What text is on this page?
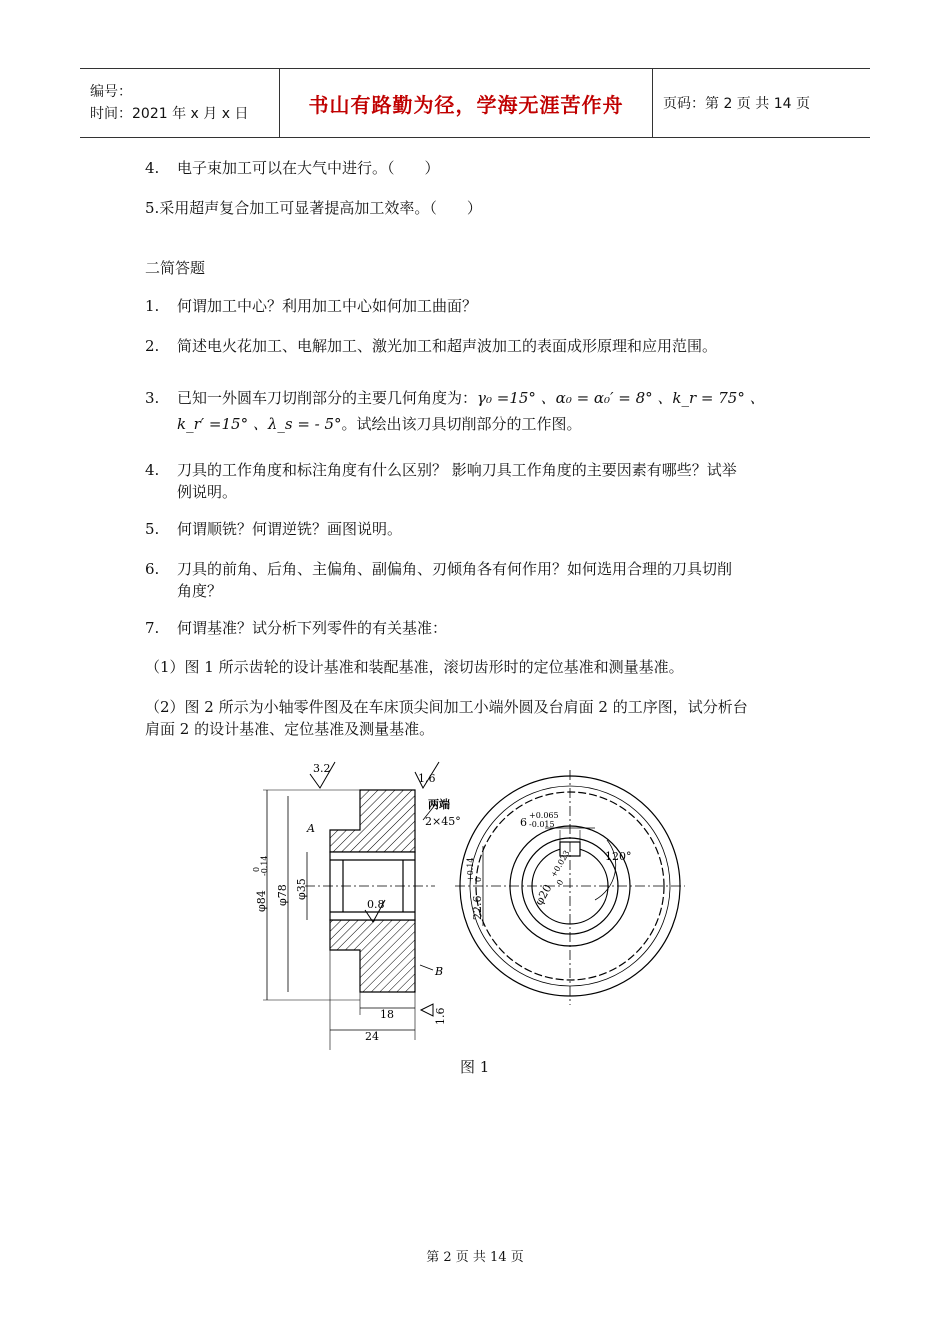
编号：
时间：2021 年 x 月 x 日	书山有路勤为径，学海无涯苦作舟	页码：第 2 页 共 14 页
4. 电子束加工可以在大气中进行。（　　）
5.采用超声复合加工可显著提高加工效率。（　　）
二简答题
1. 何谓加工中心？利用加工中心如何加工曲面？
2. 简述电火花加工、电解加工、激光加工和超声波加工的表面成形原理和应用范围。
3. 已知一外圆车刀切削部分的主要几何角度为：γ₀ =15° 、α₀ = α₀′ = 8° 、k_r = 75° 、
k_r′ =15° 、λ_s = - 5°。试绘出该刀具切削部分的工作图。
4. 刀具的工作角度和标注角度有什么区别？ 影响刀具工作角度的主要因素有哪些？试举
例说明。
5. 何谓顺铣？何谓逆铣？画图说明。
6. 刀具的前角、后角、主偏角、副偏角、刃倾角各有何作用？如何选用合理的刀具切削
角度？
7. 何谓基准？试分析下列零件的有关基准：
（1）图 1 所示齿轮的设计基准和装配基准，滚切齿形时的定位基准和测量基准。
（2）图 2 所示为小轴零件图及在车床顶尖间加工小端外圆及台肩面 2 的工序图，试分析台
肩面 2 的设计基准、定位基准及测量基准。
3.2
1.6
0.8
1.6
两端
2×45°
A
B
φ84
0 -0.14
φ78 φ35
18
24
6
+0.065
-0.015
120°
22.6
+0.14 0
φ20
+0.023
0
图 1
第 2 页 共 14 页
